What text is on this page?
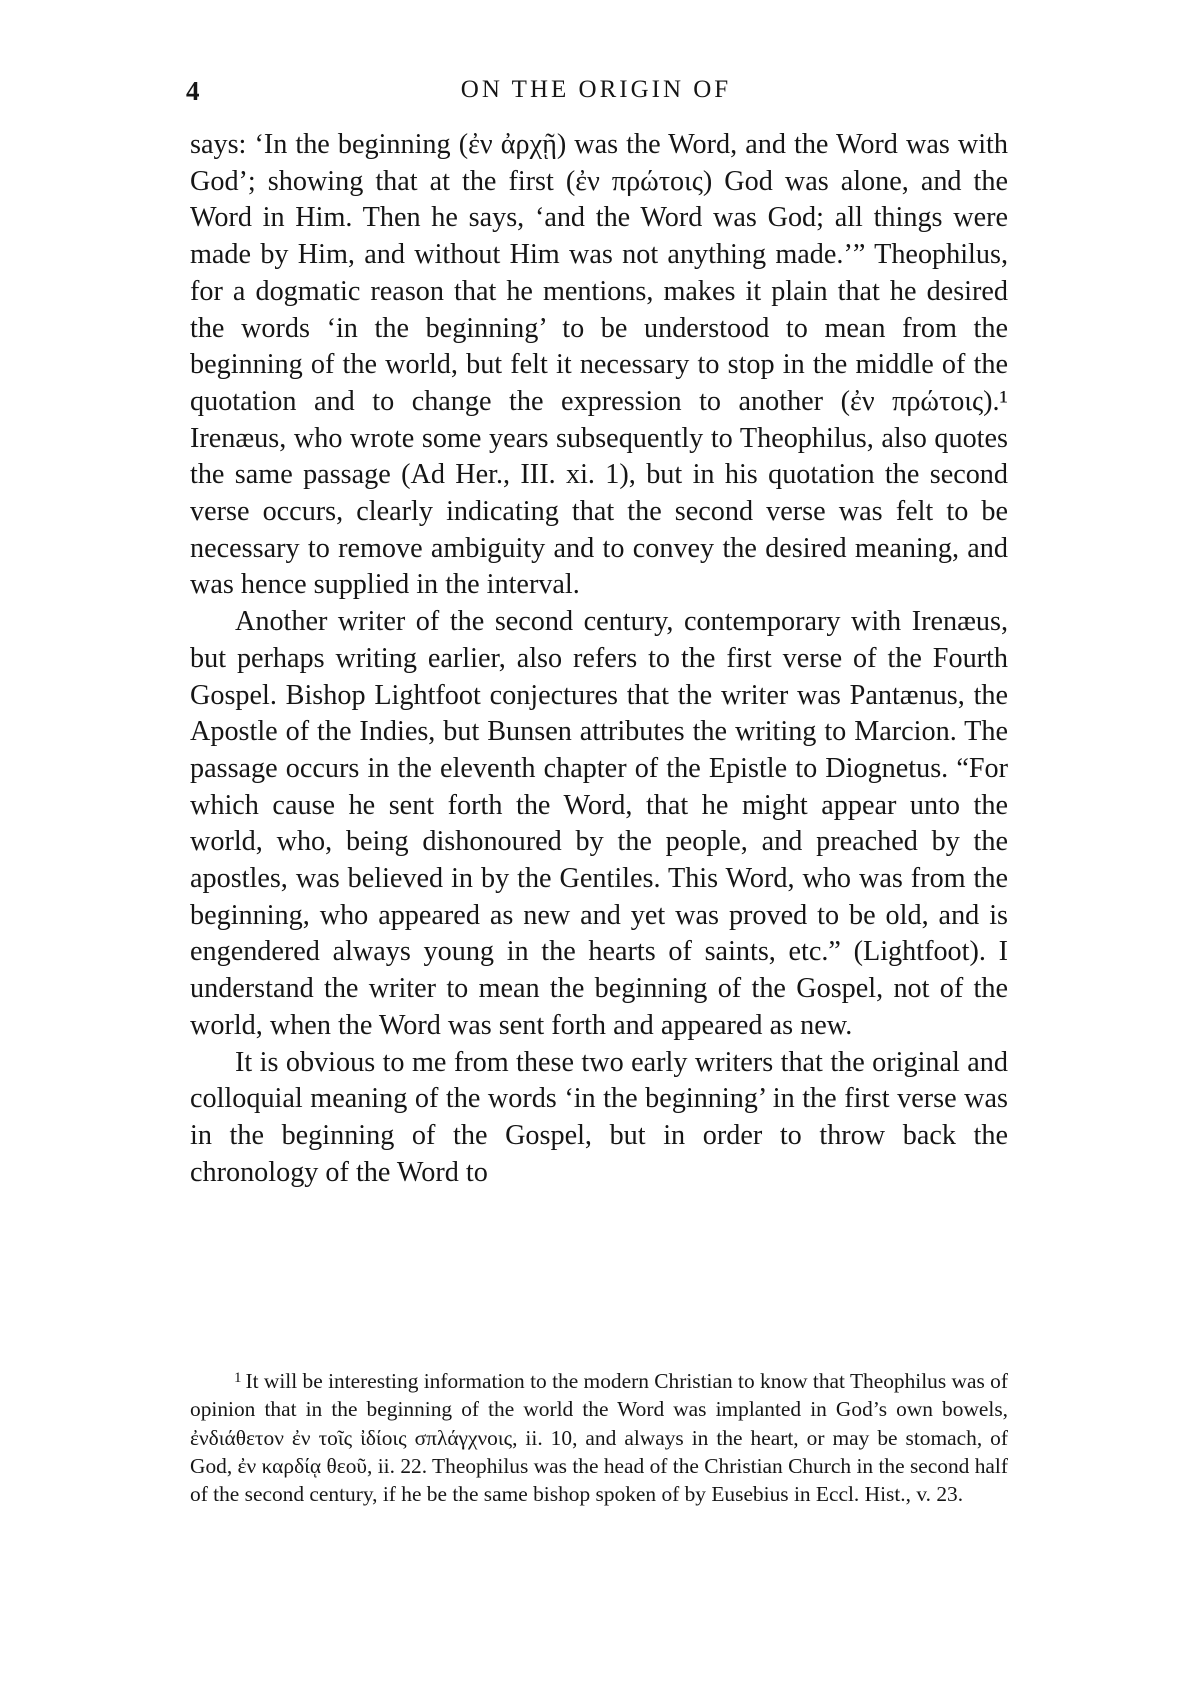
4	ON THE ORIGIN OF

says: ‘In the beginning (ἐν ἀρχῇ) was the Word, and the Word was with God’; showing that at the first (ἐν πρώτοις) God was alone, and the Word in Him. Then he says, ‘and the Word was God; all things were made by Him, and without Him was not anything made.’” Theophilus, for a dogmatic reason that he mentions, makes it plain that he desired the words ‘in the beginning’ to be understood to mean from the beginning of the world, but felt it necessary to stop in the middle of the quotation and to change the expression to another (ἐν πρώτοις).¹ Irenæus, who wrote some years subsequently to Theophilus, also quotes the same passage (Ad Her., III. xi. 1), but in his quotation the second verse occurs, clearly indicating that the second verse was felt to be necessary to remove ambiguity and to convey the desired meaning, and was hence supplied in the interval.

Another writer of the second century, contemporary with Irenæus, but perhaps writing earlier, also refers to the first verse of the Fourth Gospel. Bishop Lightfoot conjectures that the writer was Pantænus, the Apostle of the Indies, but Bunsen attributes the writing to Marcion. The passage occurs in the eleventh chapter of the Epistle to Diognetus. “For which cause he sent forth the Word, that he might appear unto the world, who, being dishonoured by the people, and preached by the apostles, was believed in by the Gentiles. This Word, who was from the beginning, who appeared as new and yet was proved to be old, and is engendered always young in the hearts of saints, etc.” (Lightfoot). I understand the writer to mean the beginning of the Gospel, not of the world, when the Word was sent forth and appeared as new.

It is obvious to me from these two early writers that the original and colloquial meaning of the words ‘in the beginning’ in the first verse was in the beginning of the Gospel, but in order to throw back the chronology of the Word to

$^1$ It will be interesting information to the modern Christian to know that Theophilus was of opinion that in the beginning of the world the Word was implanted in God’s own bowels, ἐνδιάθετον ἐν τοῖς ἰδίοις σπλάγχνοις, ii. 10, and always in the heart, or may be stomach, of God, ἐν καρδίᾳ θεοῦ, ii. 22. Theophilus was the head of the Christian Church in the second half of the second century, if he be the same bishop spoken of by Eusebius in Eccl. Hist., v. 23.
